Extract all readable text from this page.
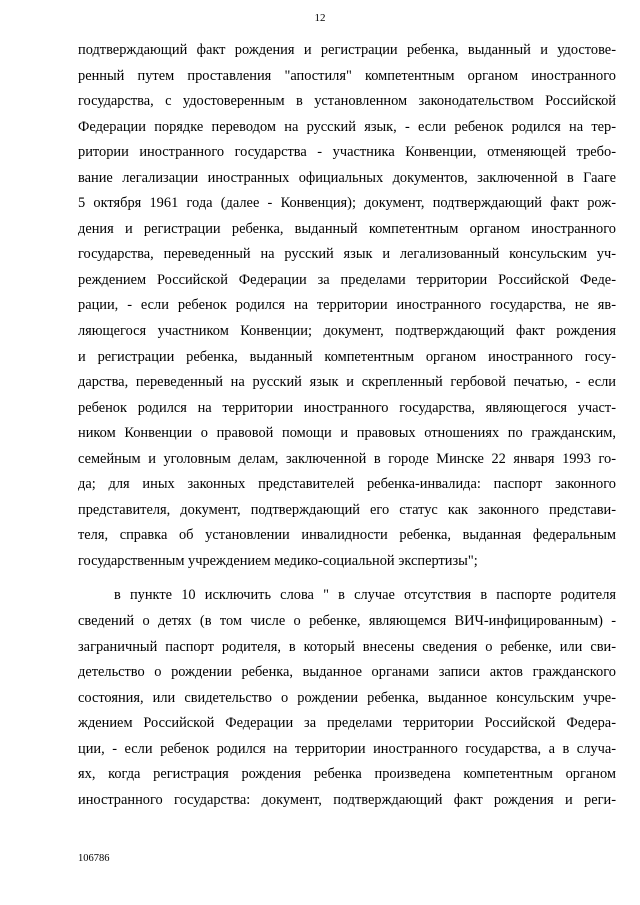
12
подтверждающий факт рождения и регистрации ребенка, выданный и удостове-
ренный путем проставления "апостиля" компетентным органом иностранного
государства, с удостоверенным в установленном законодательством Российской
Федерации порядке переводом на русский язык, - если ребенок родился на тер-
ритории иностранного государства - участника Конвенции, отменяющей требо-
вание легализации иностранных официальных документов, заключенной в Гааге
5 октября 1961 года (далее - Конвенция); документ, подтверждающий факт рож-
дения и регистрации ребенка, выданный компетентным органом иностранного
государства, переведенный на русский язык и легализованный консульским уч-
реждением Российской Федерации за пределами территории Российской Феде-
рации, - если ребенок родился на территории иностранного государства, не яв-
ляющегося участником Конвенции; документ, подтверждающий факт рождения
и регистрации ребенка, выданный компетентным органом иностранного госу-
дарства, переведенный на русский язык и скрепленный гербовой печатью, - если
ребенок родился на территории иностранного государства, являющегося участ-
ником Конвенции о правовой помощи и правовых отношениях по гражданским,
семейным и уголовным делам, заключенной в городе Минске 22 января 1993 го-
да; для иных законных представителей ребенка-инвалида: паспорт законного
представителя, документ, подтверждающий его статус как законного представи-
теля, справка об установлении инвалидности ребенка, выданная федеральным
государственным учреждением медико-социальной экспертизы";
в пункте 10 исключить слова " в случае отсутствия в паспорте родителя
сведений о детях (в том числе о ребенке, являющемся ВИЧ-инфицированным) -
заграничный паспорт родителя, в который внесены сведения о ребенке, или сви-
детельство о рождении ребенка, выданное органами записи актов гражданского
состояния, или свидетельство о рождении ребенка, выданное консульским учре-
ждением Российской Федерации за пределами территории Российской Федера-
ции, - если ребенок родился на территории иностранного государства, а в случа-
ях, когда регистрация рождения ребенка произведена компетентным органом
иностранного государства: документ, подтверждающий факт рождения и реги-
106786
